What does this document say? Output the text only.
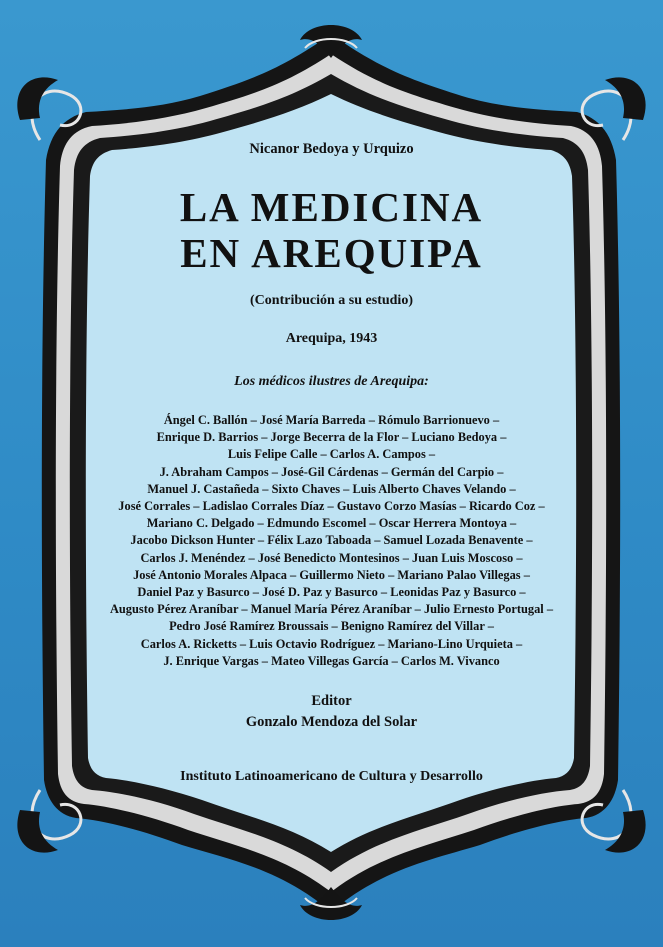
Nicanor Bedoya y Urquizo
LA MEDICINA
EN AREQUIPA
(Contribución a su estudio)
Arequipa, 1943
Los médicos ilustres de Arequipa:
Ángel C. Ballón – José María Barreda – Rómulo Barrionuevo –
Enrique D. Barrios – Jorge Becerra de la Flor – Luciano Bedoya –
Luis Felipe Calle – Carlos A. Campos –
J. Abraham Campos – José-Gil Cárdenas – Germán del Carpio –
Manuel J. Castañeda – Sixto Chaves – Luis Alberto Chaves Velando –
José Corrales – Ladislao Corrales Díaz – Gustavo Corzo Masías – Ricardo Coz –
Mariano C. Delgado – Edmundo Escomel – Oscar Herrera Montoya –
Jacobo Dickson Hunter – Félix Lazo Taboada – Samuel Lozada Benavente –
Carlos J. Menéndez – José Benedicto Montesinos – Juan Luis Moscoso –
José Antonio Morales Alpaca – Guillermo Nieto – Mariano Palao Villegas –
Daniel Paz y Basurco – José D. Paz y Basurco – Leonidas Paz y Basurco –
Augusto Pérez Araníbar – Manuel María Pérez Araníbar – Julio Ernesto Portugal –
Pedro José Ramírez Broussais – Benigno Ramírez del Villar –
Carlos A. Ricketts – Luis Octavio Rodríguez – Mariano-Lino Urquieta –
J. Enrique Vargas – Mateo Villegas García – Carlos M. Vivanco
Editor
Gonzalo Mendoza del Solar
Instituto Latinoamericano de Cultura y Desarrollo
